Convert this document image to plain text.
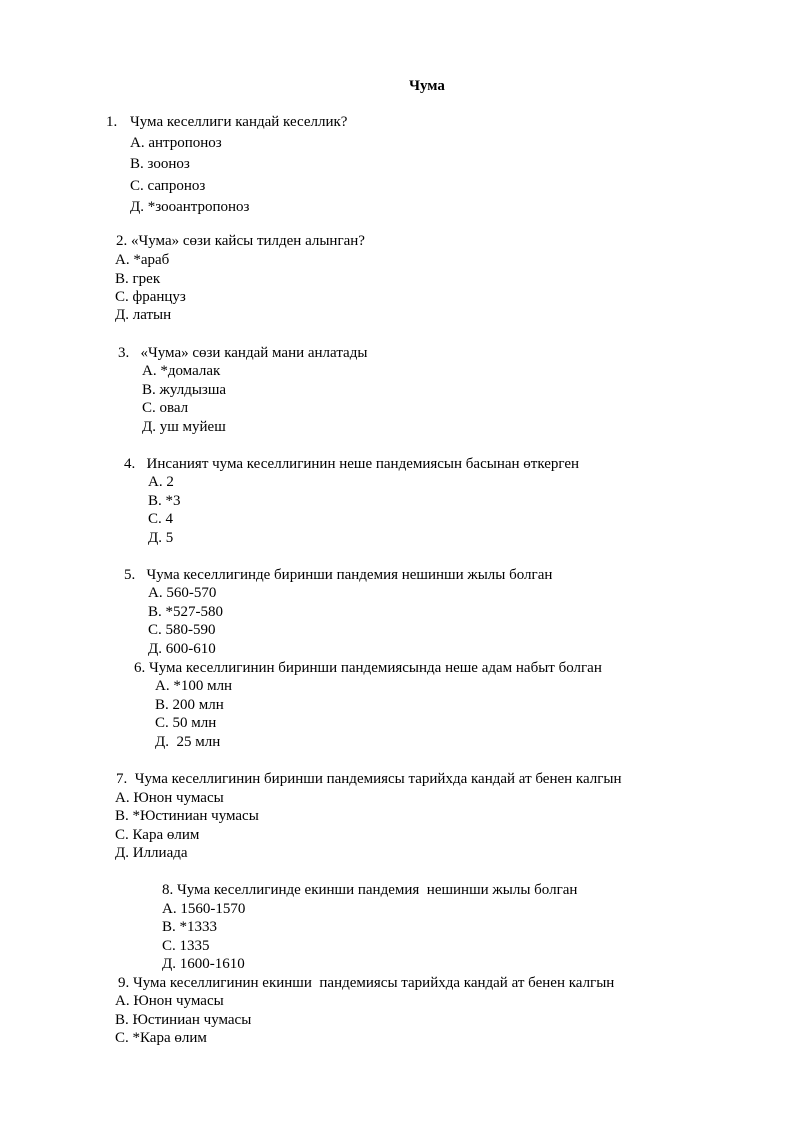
Чума
1. Чума кеселлиги кандай кеселлик?
А. антропоноз
В. зооноз
С. сапроноз
Д. *зооантропоноз
2. «Чума» сөзи кайсы тилден алынган?
А. *араб
В. грек
С. француз
Д. латын
3.   «Чума» сөзи кандай мани анлатады
А. *домалак
В. жулдызша
С. овал
Д. уш муйеш
4.   Инсаният чума кеселлигинин неше пандемиясын басынан өткерген
А. 2
В. *3
С. 4
Д. 5
5.   Чума кеселлигинде биринши пандемия нешинши жылы болган
А. 560-570
В. *527-580
С. 580-590
Д. 600-610
6. Чума кеселлигинин биринши пандемиясында неше адам набыт болган
А. *100 млн
В. 200 млн
С. 50 млн
Д.  25 млн
7.  Чума кеселлигинин биринши пандемиясы тарийхда кандай ат бенен калгын
А. Юнон чумасы
В. *Юстиниан чумасы
С. Кара өлим
Д. Иллиада
8. Чума кеселлигинде екинши пандемия  нешинши жылы болган
А. 1560-1570
В. *1333
С. 1335
Д. 1600-1610
9. Чума кеселлигинин екинши  пандемиясы тарийхда кандай ат бенен калгын
А. Юнон чумасы
В. Юстиниан чумасы
С. *Кара өлим
